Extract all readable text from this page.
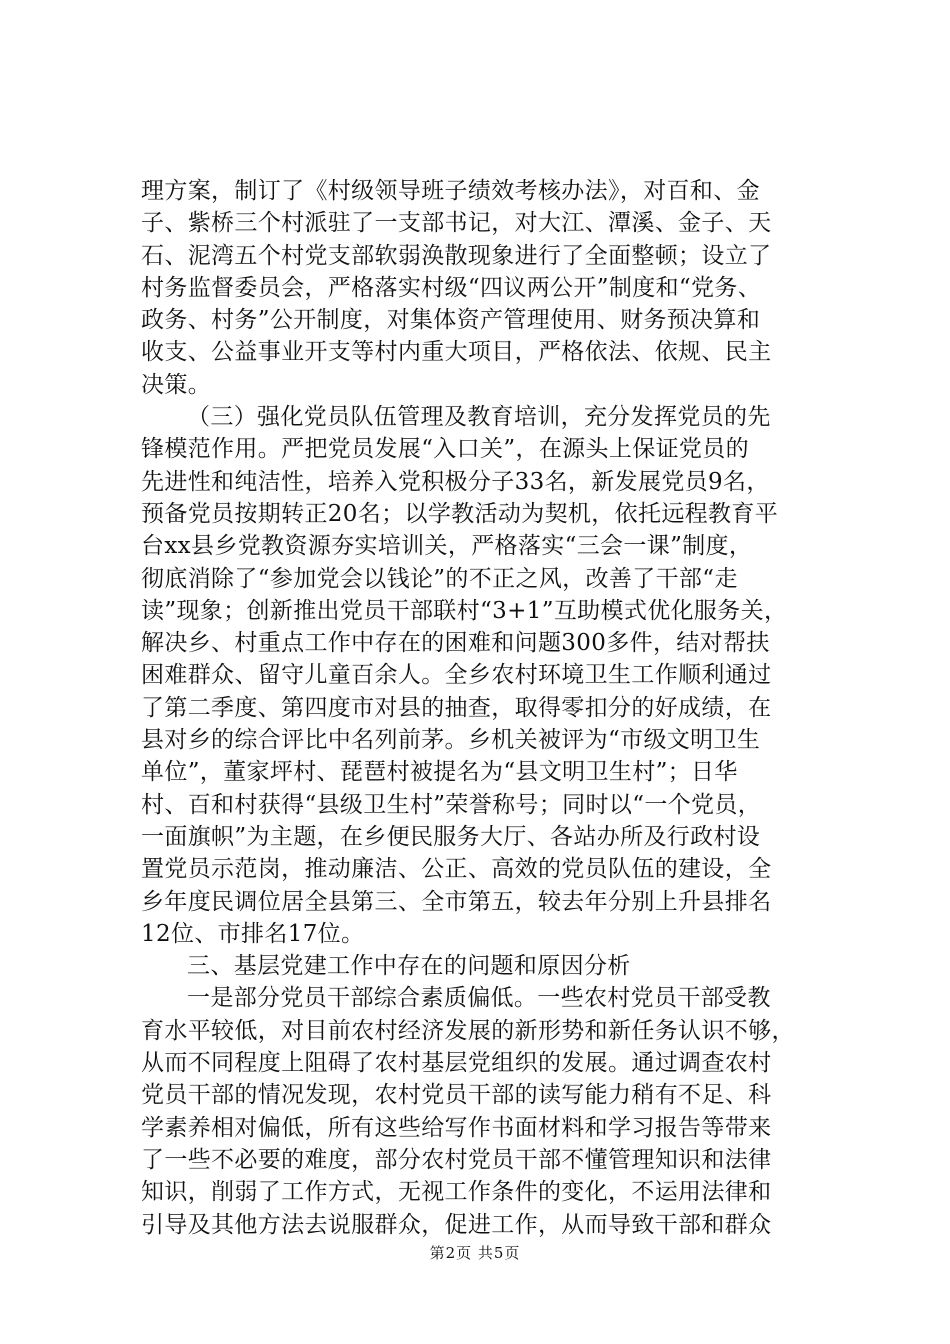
理方案，制订了《村级领导班子绩效考核办法》，对百和、金
子、紫桥三个村派驻了一支部书记，对大江、潭溪、金子、天
石、泥湾五个村党支部软弱涣散现象进行了全面整顿；设立了
村务监督委员会，严格落实村级“四议两公开”制度和“党务、
政务、村务”公开制度，对集体资产管理使用、财务预决算和
收支、公益事业开支等村内重大项目，严格依法、依规、民主
决策。
（三）强化党员队伍管理及教育培训，充分发挥党员的先
锋模范作用。严把党员发展“入口关”，在源头上保证党员的
先进性和纯洁性，培养入党积极分子33名，新发展党员9名，
预备党员按期转正20名；以学教活动为契机，依托远程教育平
台xx县乡党教资源夯实培训关，严格落实“三会一课”制度，
彻底消除了“参加党会以钱论”的不正之风，改善了干部“走
读”现象；创新推出党员干部联村“3+1”互助模式优化服务关，
解决乡、村重点工作中存在的困难和问题300多件，结对帮扶
困难群众、留守儿童百余人。全乡农村环境卫生工作顺利通过
了第二季度、第四度市对县的抽查，取得零扣分的好成绩，在
县对乡的综合评比中名列前茅。乡机关被评为“市级文明卫生
单位”，董家坪村、琵琶村被提名为“县文明卫生村”；日华
村、百和村获得“县级卫生村”荣誉称号；同时以“一个党员，
一面旗帜”为主题，在乡便民服务大厅、各站办所及行政村设
置党员示范岗，推动廉洁、公正、高效的党员队伍的建设，全
乡年度民调位居全县第三、全市第五，较去年分别上升县排名
12位、市排名17位。
三、基层党建工作中存在的问题和原因分析
一是部分党员干部综合素质偏低。一些农村党员干部受教
育水平较低，对目前农村经济发展的新形势和新任务认识不够，
从而不同程度上阻碍了农村基层党组织的发展。通过调查农村
党员干部的情况发现，农村党员干部的读写能力稍有不足、科
学素养相对偏低，所有这些给写作书面材料和学习报告等带来
了一些不必要的难度，部分农村党员干部不懂管理知识和法律
知识，削弱了工作方式，无视工作条件的变化，不运用法律和
引导及其他方法去说服群众，促进工作，从而导致干部和群众
第2页 共5页
